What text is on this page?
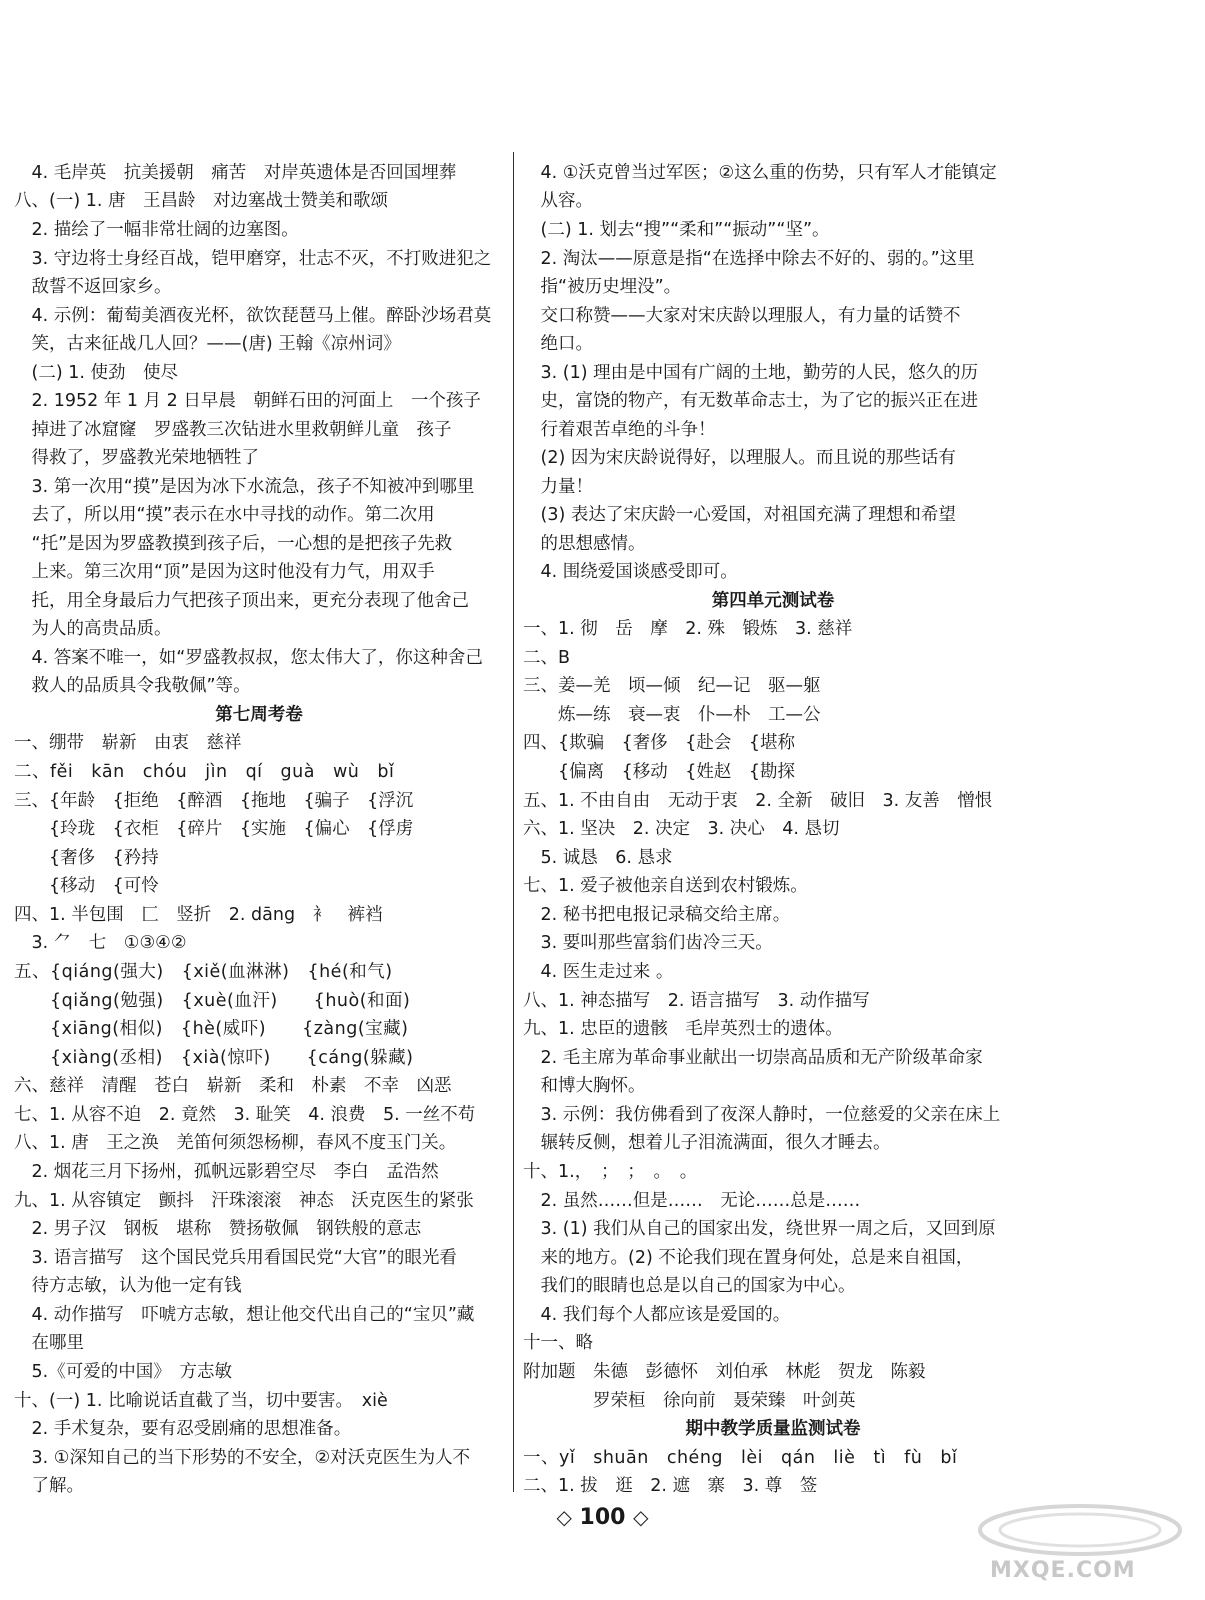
　4. 毛岸英　抗美援朝　痛苦　对岸英遗体是否回国埋葬
八、(一) 1. 唐　王昌龄　对边塞战士赞美和歌颂
　2. 描绘了一幅非常壮阔的边塞图。
　3. 守边将士身经百战，铠甲磨穿，壮志不灭，不打败进犯之
　敌誓不返回家乡。
　4. 示例：葡萄美酒夜光杯，欲饮琵琶马上催。醉卧沙场君莫
　笑，古来征战几人回？——(唐) 王翰《凉州词》
　(二) 1. 使劲　使尽
　2. 1952 年 1 月 2 日早晨　朝鲜石田的河面上　一个孩子
　掉进了冰窟窿　罗盛教三次钻进水里救朝鲜儿童　孩子
　得救了，罗盛教光荣地牺牲了
　3. 第一次用“摸”是因为冰下水流急，孩子不知被冲到哪里
　去了，所以用“摸”表示在水中寻找的动作。第二次用
　“托”是因为罗盛教摸到孩子后，一心想的是把孩子先救
　上来。第三次用“顶”是因为这时他没有力气，用双手
　托，用全身最后力气把孩子顶出来，更充分表现了他舍己
　为人的高贵品质。
　4. 答案不唯一，如“罗盛教叔叔，您太伟大了，你这种舍己
　救人的品质具令我敬佩”等。
第七周考卷
一、绷带　崭新　由衷　慈祥
二、fěi　kān　chóu　jìn　qí　guà　wù　bǐ
三、{年龄　{拒绝　{醉酒　{拖地　{骗子　{浮沉
　　{玲珑　{衣柜　{碎片　{实施　{偏心　{俘虏
　　{奢侈　{矜持
　　{移动　{可怜
四、1. 半包围　匚　竖折　2. dāng　衤　裤裆
　3. ⺈　七　①③④②
五、{qiáng(强大)　{xiě(血淋淋)　{hé(和气)
　　{qiǎng(勉强)　{xuè(血汗)　　{huò(和面)
　　{xiāng(相似)　{hè(威吓)　　{zàng(宝藏)
　　{xiàng(丞相)　{xià(惊吓)　　{cáng(躲藏)
六、慈祥　清醒　苍白　崭新　柔和　朴素　不幸　凶恶
七、1. 从容不迫　2. 竟然　3. 耻笑　4. 浪费　5. 一丝不苟
八、1. 唐　王之涣　羌笛何须怨杨柳，春风不度玉门关。
　2. 烟花三月下扬州，孤帆远影碧空尽　李白　孟浩然
九、1. 从容镇定　颤抖　汗珠滚滚　神态　沃克医生的紧张
　2. 男子汉　钢板　堪称　赞扬敬佩　钢铁般的意志
　3. 语言描写　这个国民党兵用看国民党“大官”的眼光看
　待方志敏，认为他一定有钱
　4. 动作描写　吓唬方志敏，想让他交代出自己的“宝贝”藏
　在哪里
　5.《可爱的中国》　方志敏
十、(一) 1. 比喻说话直截了当，切中要害。　xiè
　2. 手术复杂，要有忍受剧痛的思想准备。
　3. ①深知自己的当下形势的不安全，②对沃克医生为人不
　了解。
　4. ①沃克曾当过军医；②这么重的伤势，只有军人才能镇定
　从容。
　(二) 1. 划去“搜”“柔和”“振动”“坚”。
　2. 淘汰——原意是指“在选择中除去不好的、弱的。”这里
　指“被历史埋没”。
　交口称赞——大家对宋庆龄以理服人，有力量的话赞不
　绝口。
　3. (1) 理由是中国有广阔的土地，勤劳的人民，悠久的历
　史，富饶的物产，有无数革命志士，为了它的振兴正在进
　行着艰苦卓绝的斗争！
　(2) 因为宋庆龄说得好，以理服人。而且说的那些话有
　力量！
　(3) 表达了宋庆龄一心爱国，对祖国充满了理想和希望
　的思想感情。
　4. 围绕爱国谈感受即可。
第四单元测试卷
一、1. 彻　岳　摩　2. 殊　锻炼　3. 慈祥
二、B
三、姜—羌　顷—倾　纪—记　驱—躯
　　炼—练　衰—衷　仆—朴　工—公
四、{欺骗　{奢侈　{赴会　{堪称
　　{偏离　{移动　{姓赵　{勘探
五、1. 不由自由　无动于衷　2. 全新　破旧　3. 友善　憎恨
六、1. 坚决　2. 决定　3. 决心　4. 恳切
　5. 诚恳　6. 恳求
七、1. 爱子被他亲自送到农村锻炼。
　2. 秘书把电报记录稿交给主席。
　3. 要叫那些富翁们齿冷三天。
　4. 医生走过来 。
八、1. 神态描写　2. 语言描写　3. 动作描写
九、1. 忠臣的遗骸　毛岸英烈士的遗体。
　2. 毛主席为革命事业献出一切崇高品质和无产阶级革命家
　和博大胸怀。
　3. 示例：我仿佛看到了夜深人静时，一位慈爱的父亲在床上
　辗转反侧，想着儿子泪流满面，很久才睡去。
十、1.，　；　；　。　。
　2. 虽然……但是……　无论……总是……
　3. (1) 我们从自己的国家出发，绕世界一周之后，又回到原
　来的地方。(2) 不论我们现在置身何处，总是来自祖国，
　我们的眼睛也总是以自己的国家为中心。
　4. 我们每个人都应该是爱国的。
十一、略
附加题　朱德　彭德怀　刘伯承　林彪　贺龙　陈毅
　　　　罗荣桓　徐向前　聂荣臻　叶剑英
期中教学质量监测试卷
一、yǐ　shuān　chéng　lèi　qán　liè　tì　fù　bǐ
二、1. 拔　逛　2. 遮　寨　3. 尊　签
◇ 100 ◇
MXQE.COM
